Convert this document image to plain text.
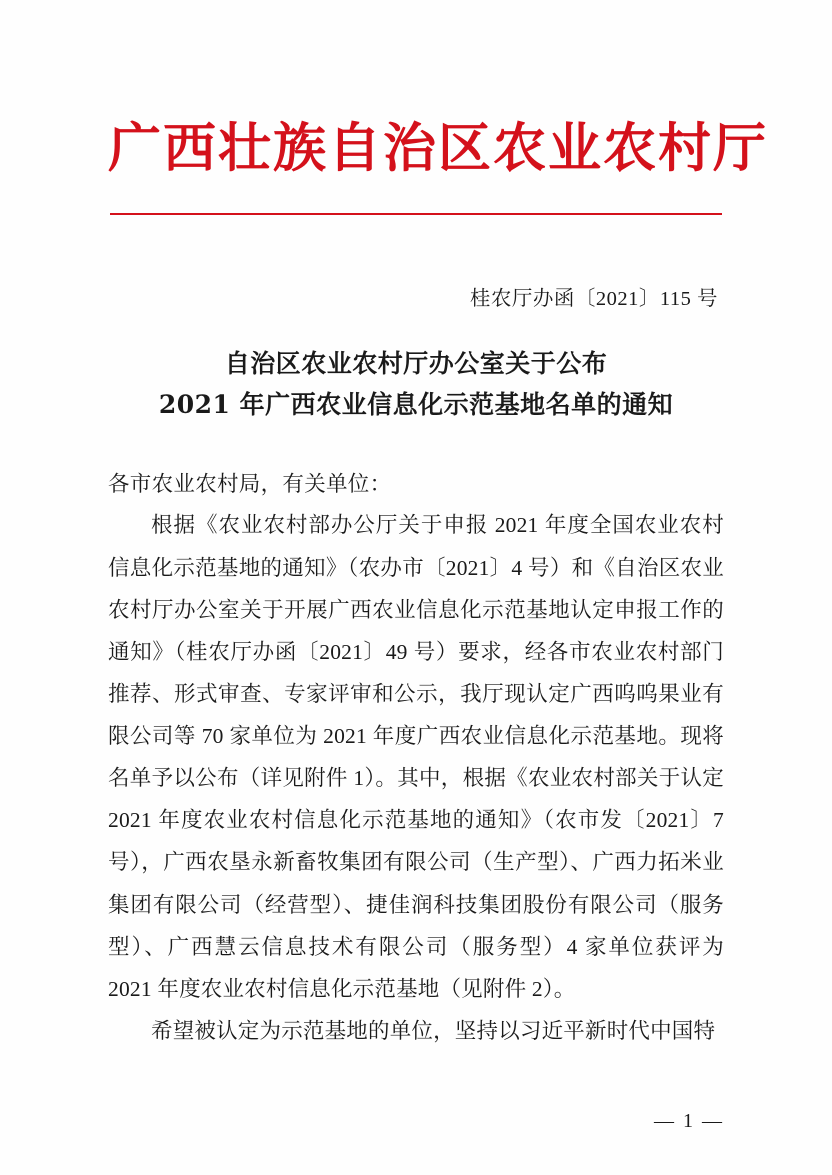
广西壮族自治区农业农村厅
桂农厅办函〔2021〕115 号
自治区农业农村厅办公室关于公布
2021 年广西农业信息化示范基地名单的通知
各市农业农村局，有关单位：

根据《农业农村部办公厅关于申报 2021 年度全国农业农村信息化示范基地的通知》（农办市〔2021〕4 号）和《自治区农业农村厅办公室关于开展广西农业信息化示范基地认定申报工作的通知》（桂农厅办函〔2021〕49 号）要求，经各市农业农村部门推荐、形式审查、专家评审和公示，我厅现认定广西呜呜果业有限公司等 70 家单位为 2021 年度广西农业信息化示范基地。现将名单予以公布（详见附件 1）。其中，根据《农业农村部关于认定 2021 年度农业农村信息化示范基地的通知》（农市发〔2021〕7 号），广西农垦永新畜牧集团有限公司（生产型）、广西力拓米业集团有限公司（经营型）、捷佳润科技集团股份有限公司（服务型）、广西慧云信息技术有限公司（服务型）4 家单位获评为 2021 年度农业农村信息化示范基地（见附件 2）。

希望被认定为示范基地的单位，坚持以习近平新时代中国特

— 1 —
